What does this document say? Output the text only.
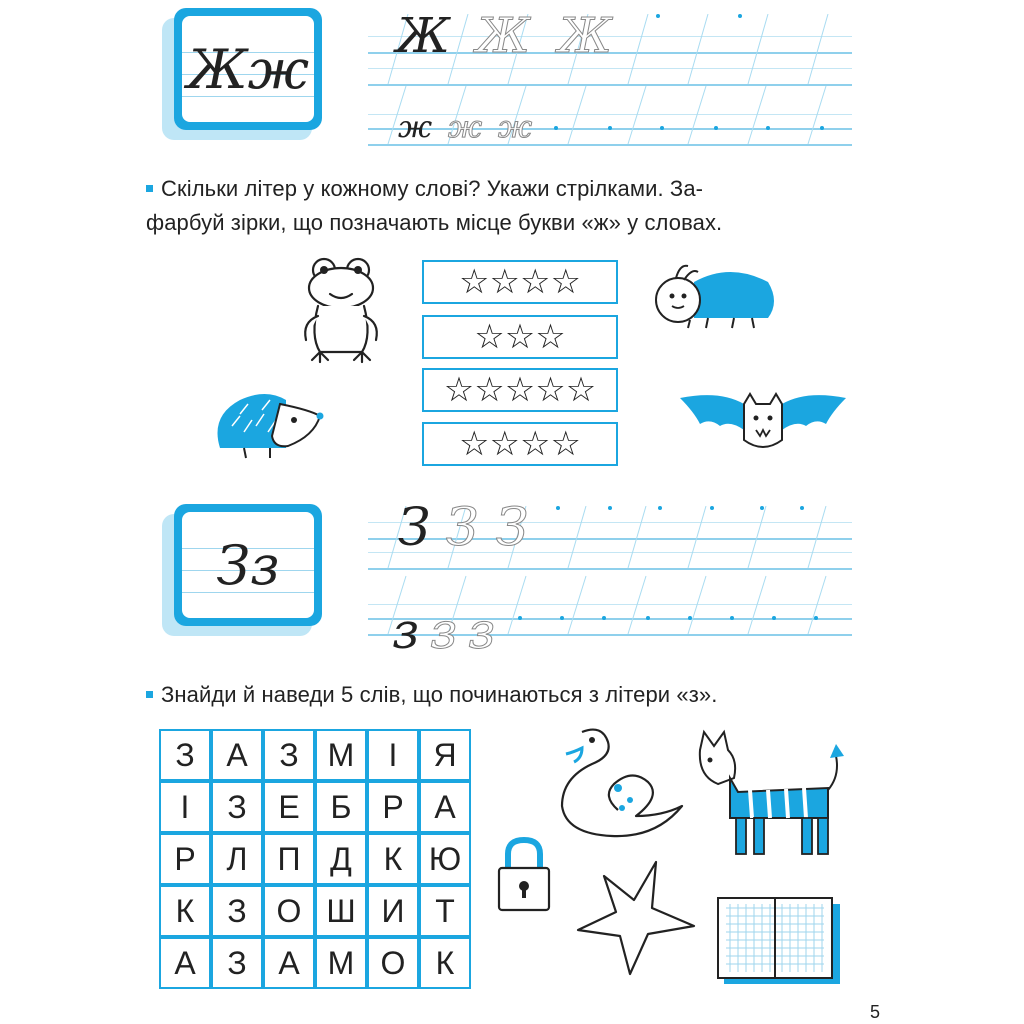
Жж
Ж Ж Ж
ж ж ж
Скільки літер у кожному слові? Укажи стрілками. За-
фарбуй зірки, що позначають місце букви «ж» у словах.
☆☆☆☆
☆☆☆
☆☆☆☆☆
☆☆☆☆
Зз
З З З
з з з
Знайди й наведи 5 слів, що починаються з літери «з».
З А З М	І	Я
І	З Е Б Р А
Р Л П Д К Ю
К	З О Ш И Т
А З А М О К
5
